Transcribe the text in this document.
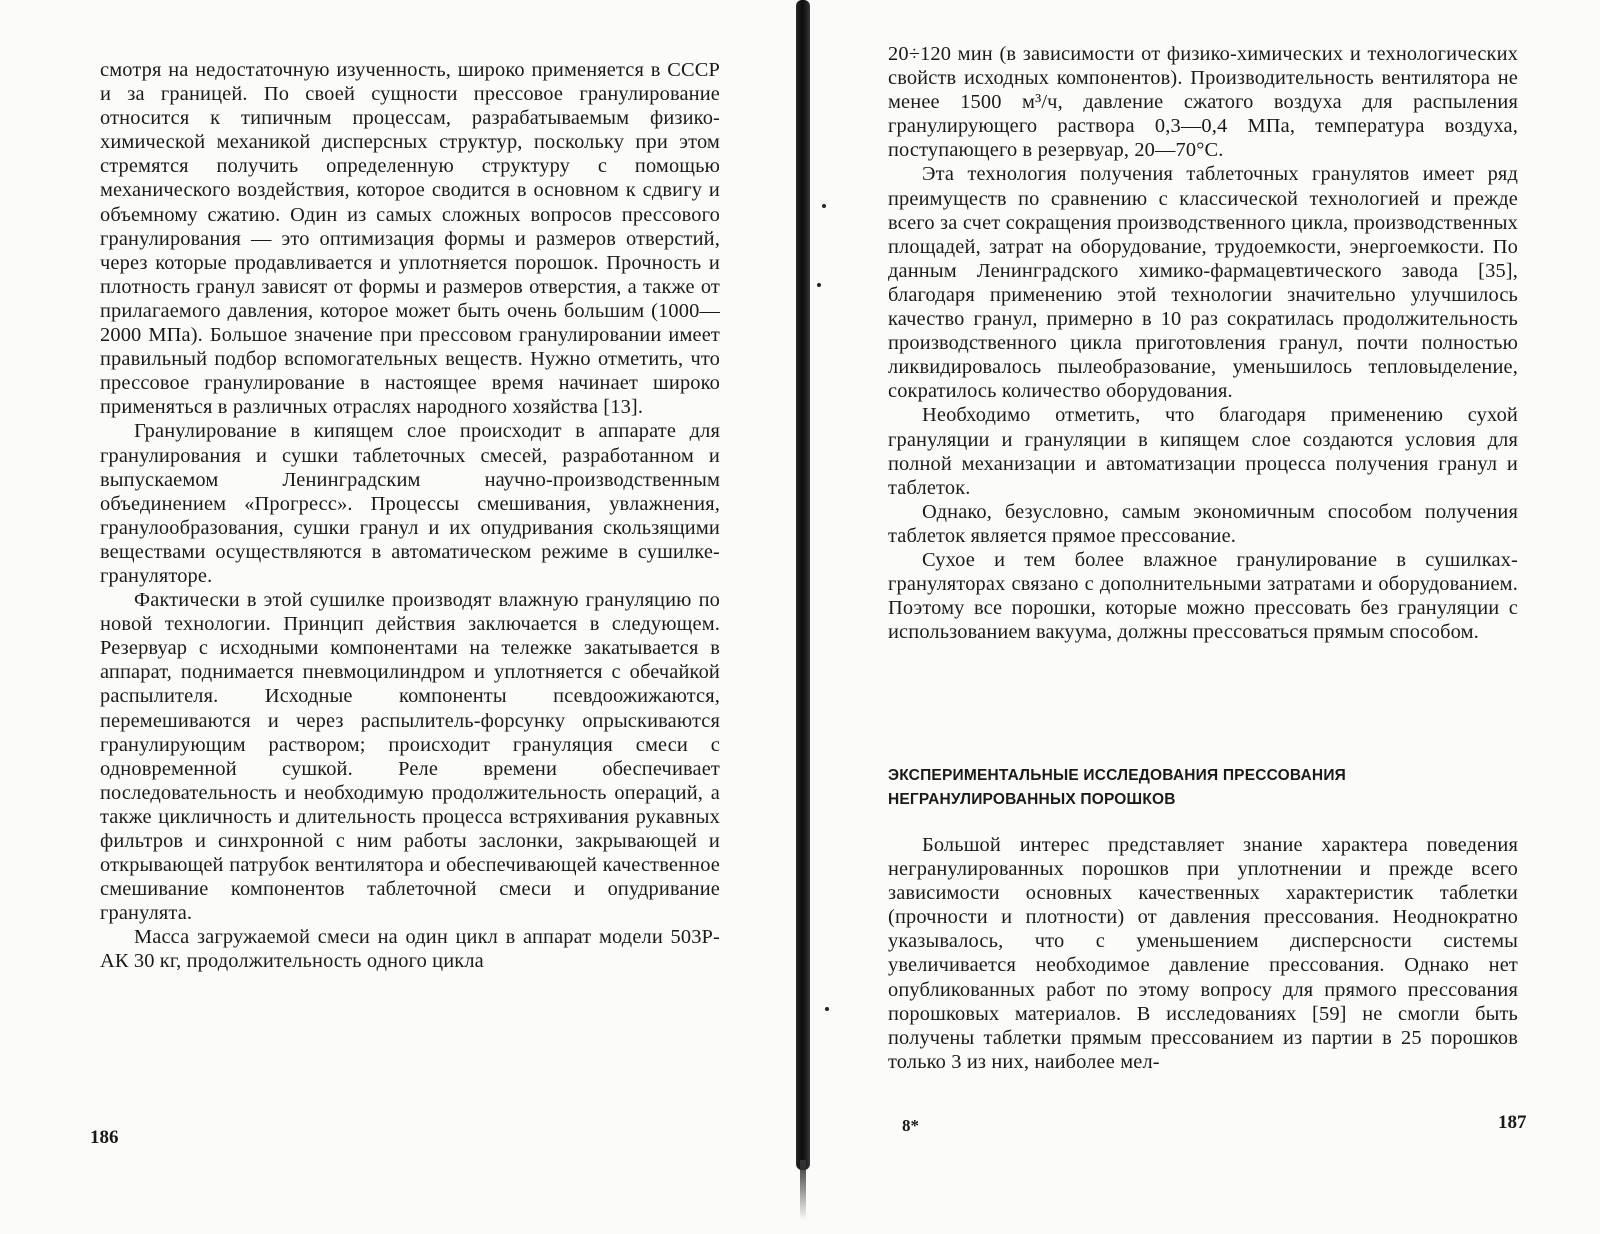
смотря на недостаточную изученность, широко применяется в СССР и за границей. По своей сущности прессовое гранулирование относится к типичным процессам, разрабатываемым физико-химической механикой дисперсных структур, поскольку при этом стремятся получить определенную структуру с помощью механического воздействия, которое сводится в основном к сдвигу и объемному сжатию. Один из самых сложных вопросов прессового гранулирования — это оптимизация формы и размеров отверстий, через которые продавливается и уплотняется порошок. Прочность и плотность гранул зависят от формы и размеров отверстия, а также от прилагаемого давления, которое может быть очень большим (1000—2000 МПа). Большое значение при прессовом гранулировании имеет правильный подбор вспомогательных веществ. Нужно отметить, что прессовое гранулирование в настоящее время начинает широко применяться в различных отраслях народного хозяйства [13].

Гранулирование в кипящем слое происходит в аппарате для гранулирования и сушки таблеточных смесей, разработанном и выпускаемом Ленинградским научно-производственным объединением «Прогресс». Процессы смешивания, увлажнения, гранулообразования, сушки гранул и их опудривания скользящими веществами осуществляются в автоматическом режиме в сушилке-грануляторе.

Фактически в этой сушилке производят влажную грануляцию по новой технологии. Принцип действия заключается в следующем. Резервуар с исходными компонентами на тележке закатывается в аппарат, поднимается пневмоцилиндром и уплотняется с обечайкой распылителя. Исходные компоненты псевдоожижаются, перемешиваются и через распылитель-форсунку опрыскиваются гранулирующим раствором; происходит грануляция смеси с одновременной сушкой. Реле времени обеспечивает последовательность и необходимую продолжительность операций, а также цикличность и длительность процесса встряхивания рукавных фильтров и синхронной с ним работы заслонки, закрывающей и открывающей патрубок вентилятора и обеспечивающей качественное смешивание компонентов таблеточной смеси и опудривание гранулята.

Масса загружаемой смеси на один цикл в аппарат модели 503Р-АК 30 кг, продолжительность одного цикла

186

20÷120 мин (в зависимости от физико-химических и технологических свойств исходных компонентов). Производительность вентилятора не менее 1500 м³/ч, давление сжатого воздуха для распыления гранулирующего раствора 0,3—0,4 МПа, температура воздуха, поступающего в резервуар, 20—70°С.

Эта технология получения таблеточных гранулятов имеет ряд преимуществ по сравнению с классической технологией и прежде всего за счет сокращения производственного цикла, производственных площадей, затрат на оборудование, трудоемкости, энергоемкости. По данным Ленинградского химико-фармацевтического завода [35], благодаря применению этой технологии значительно улучшилось качество гранул, примерно в 10 раз сократилась продолжительность производственного цикла приготовления гранул, почти полностью ликвидировалось пылеобразование, уменьшилось тепловыделение, сократилось количество оборудования.

Необходимо отметить, что благодаря применению сухой грануляции и грануляции в кипящем слое создаются условия для полной механизации и автоматизации процесса получения гранул и таблеток.

Однако, безусловно, самым экономичным способом получения таблеток является прямое прессование.

Сухое и тем более влажное гранулирование в сушилках-грануляторах связано с дополнительными затратами и оборудованием. Поэтому все порошки, которые можно прессовать без грануляции с использованием вакуума, должны прессоваться прямым способом.

ЭКСПЕРИМЕНТАЛЬНЫЕ ИССЛЕДОВАНИЯ ПРЕССОВАНИЯ
НЕГРАНУЛИРОВАННЫХ ПОРОШКОВ

Большой интерес представляет знание характера поведения негранулированных порошков при уплотнении и прежде всего зависимости основных качественных характеристик таблетки (прочности и плотности) от давления прессования. Неоднократно указывалось, что с уменьшением дисперсности системы увеличивается необходимое давление прессования. Однако нет опубликованных работ по этому вопросу для прямого прессования порошковых материалов. В исследованиях [59] не смогли быть получены таблетки прямым прессованием из партии в 25 порошков только 3 из них, наиболее мел-

8*	187
